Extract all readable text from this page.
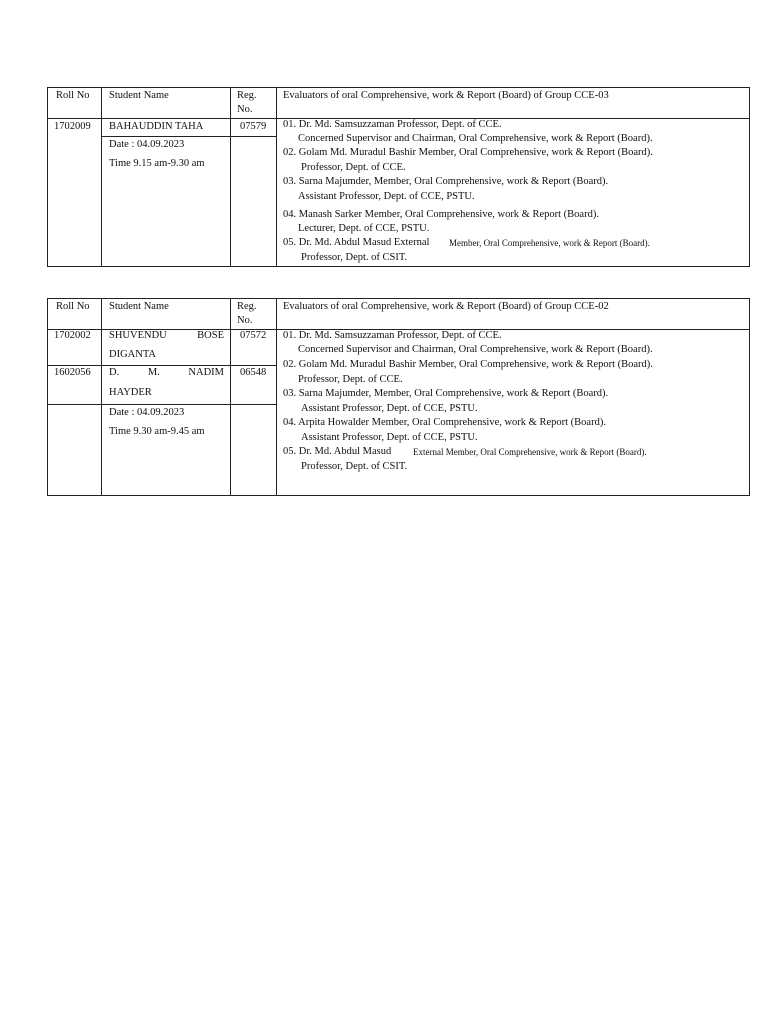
Roll No Student Name	Reg.
No.
Evaluators of oral Comprehensive, work & Report (Board) of Group CCE-03
1702009 BAHAUDDIN TAHA	07579
Date : 04.09.2023
Time 9.15 am-9.30 am
01. Dr. Md. Samsuzzaman Professor, Dept. of CCE.
Concerned Supervisor and Chairman, Oral Comprehensive, work & Report (Board).
02. Golam Md. Muradul Bashir Member, Oral Comprehensive, work & Report (Board).
Professor, Dept. of CCE.
03. Sarna Majumder, Member, Oral Comprehensive, work & Report (Board).
Assistant Professor, Dept. of CCE, PSTU.
04. Manash Sarker Member, Oral Comprehensive, work & Report (Board).
Lecturer, Dept. of CCE, PSTU.
05. Dr. Md. Abdul Masud External Member, Oral Comprehensive, work & Report (Board).
Professor, Dept. of CSIT.
Roll No Student Name	Reg.
No.
Evaluators of oral Comprehensive, work & Report (Board) of Group CCE-02
1702002 SHUVENDU	BOSE
DIGANTA
07572
1602056 D.	M.	NADIM
HAYDER
06548
Date : 04.09.2023
Time 9.30 am-9.45 am
01. Dr. Md. Samsuzzaman Professor, Dept. of CCE.
Concerned Supervisor and Chairman, Oral Comprehensive, work & Report (Board).
02. Golam Md. Muradul Bashir Member, Oral Comprehensive, work & Report (Board).
Professor, Dept. of CCE.
03. Sarna Majumder, Member, Oral Comprehensive, work & Report (Board).
Assistant Professor, Dept. of CCE, PSTU.
04. Arpita Howalder Member, Oral Comprehensive, work & Report (Board).
Assistant Professor, Dept. of CCE, PSTU.
05. Dr. Md. Abdul Masud External Member, Oral Comprehensive, work & Report (Board).
Professor, Dept. of CSIT.
